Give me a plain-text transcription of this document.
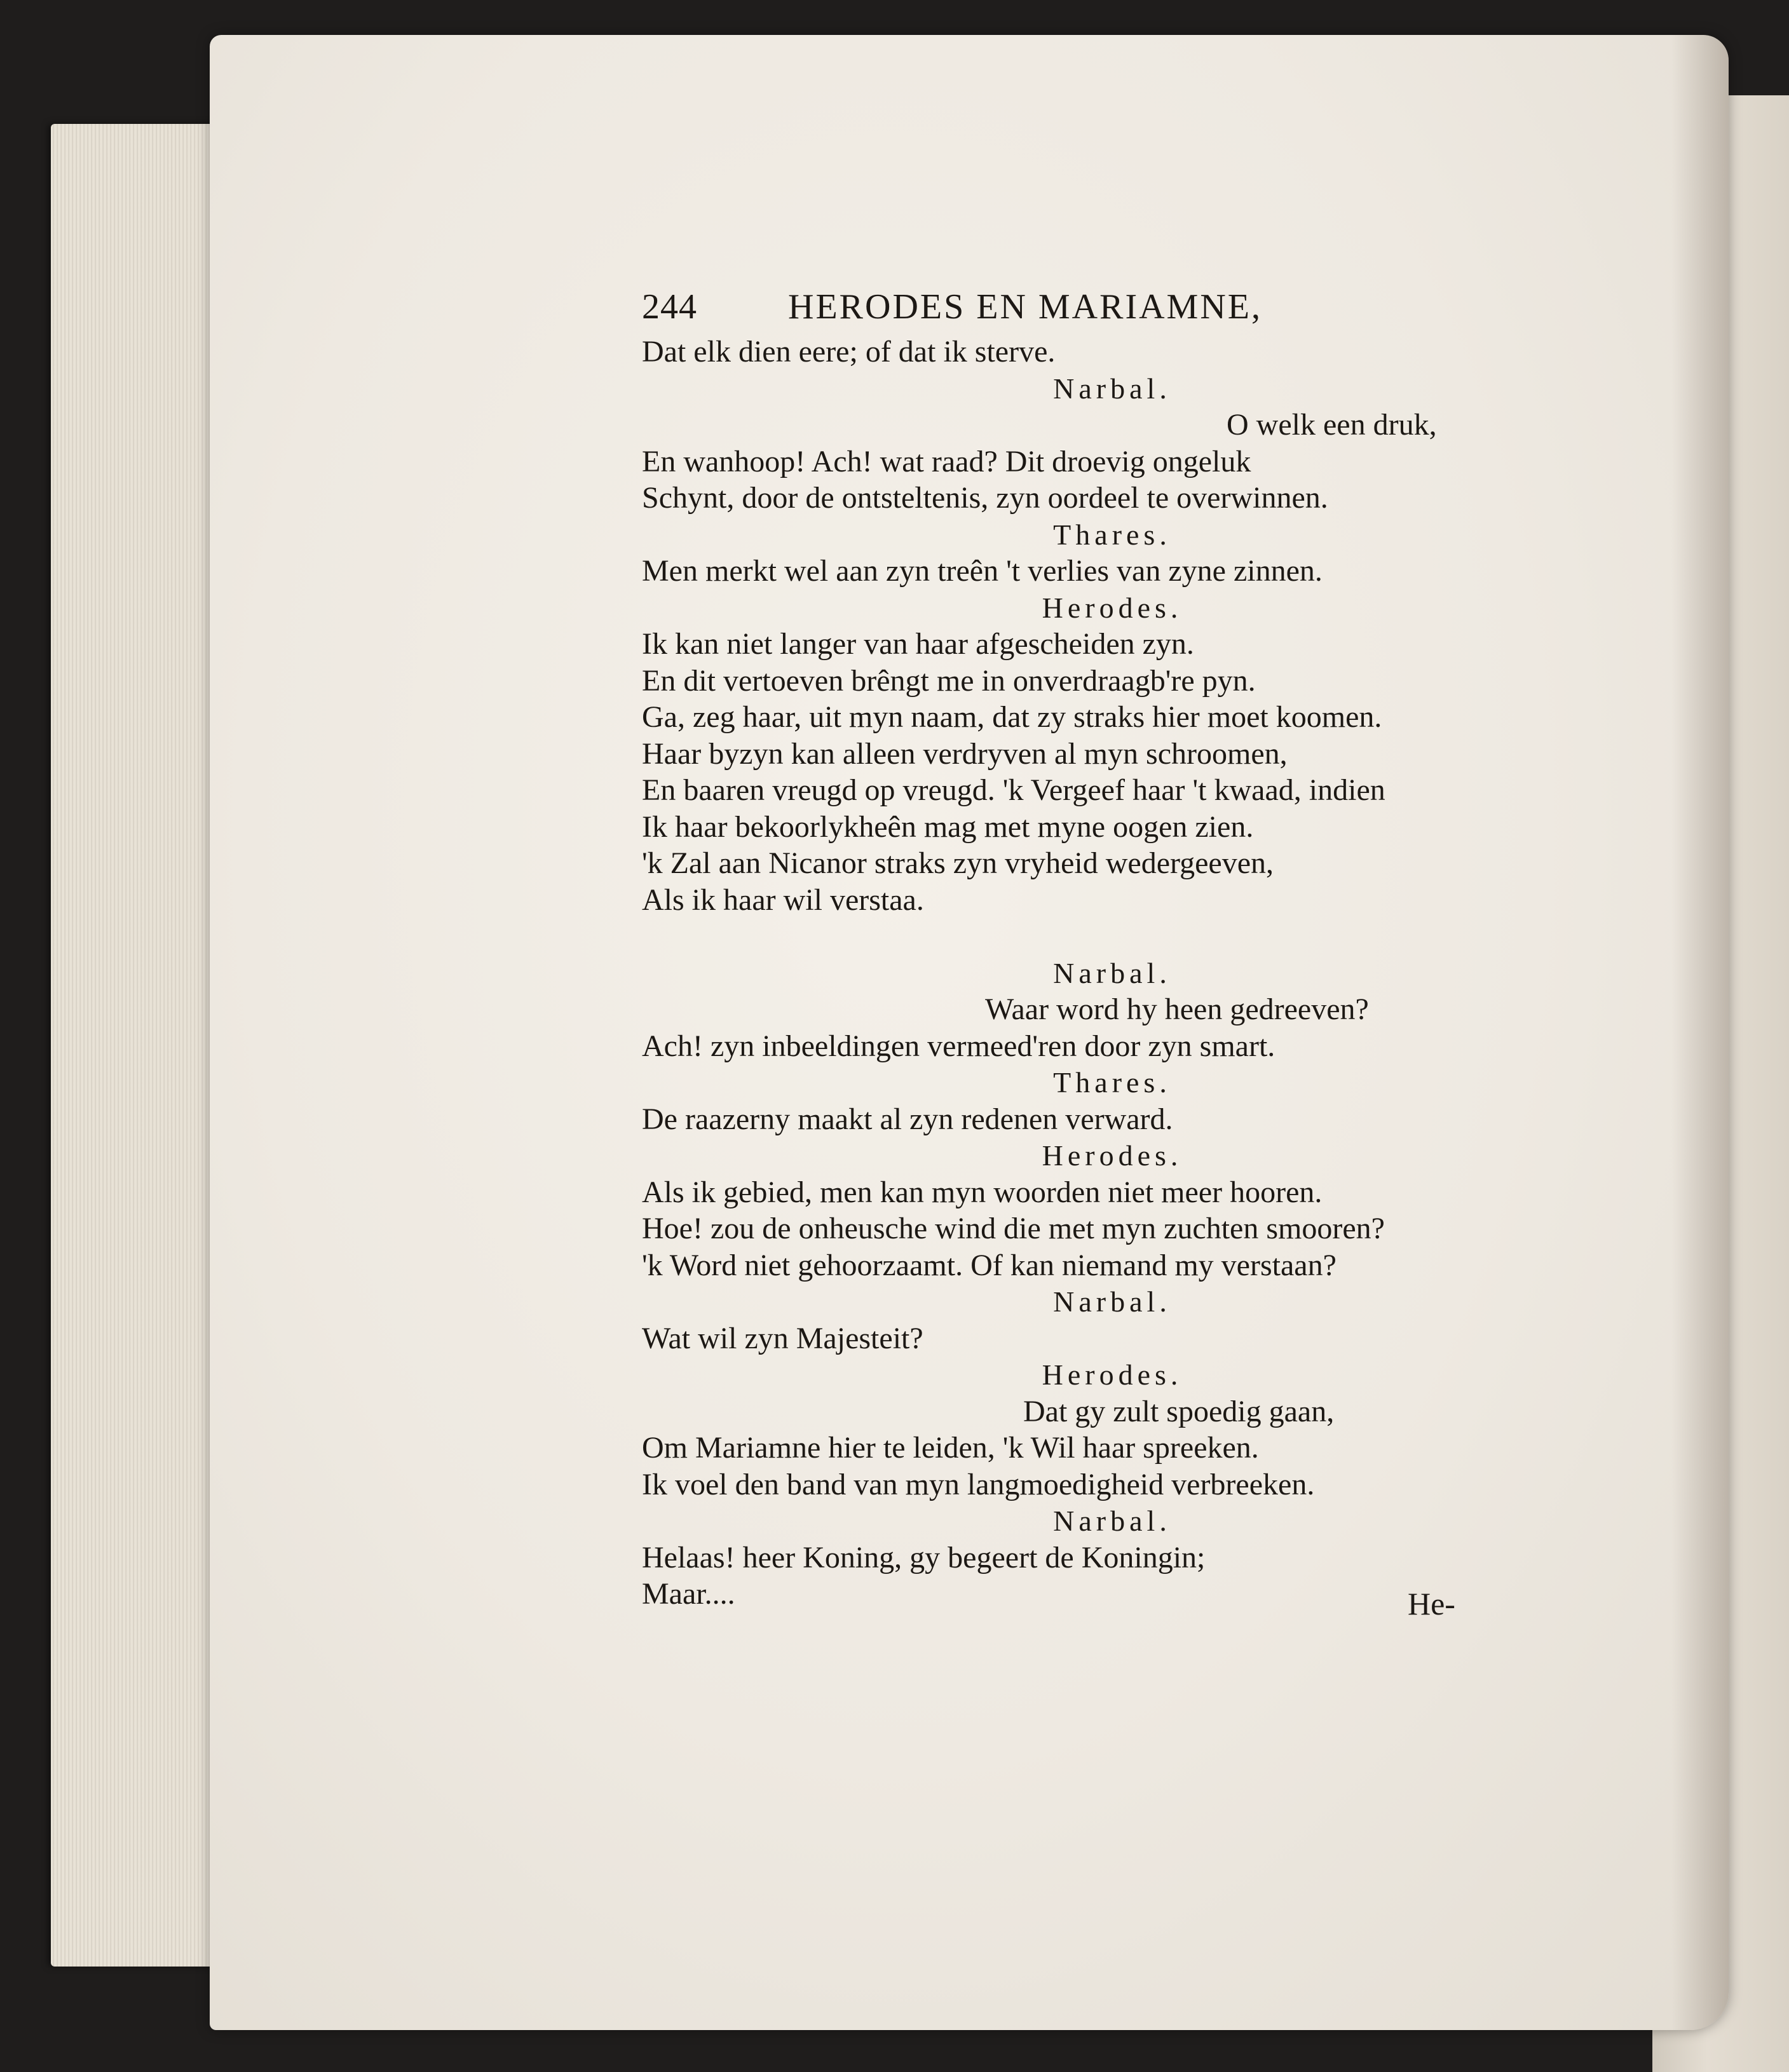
244	HERODES EN MARIAMNE,
Dat elk dien eere; of dat ik sterve.
Narbal.
O welk een druk,
En wanhoop! Ach! wat raad? Dit droevig ongeluk
Schynt, door de ontsteltenis, zyn oordeel te overwinnen.
Thares.
Men merkt wel aan zyn treên 't verlies van zyne zinnen.
Herodes.
Ik kan niet langer van haar afgescheiden zyn.
En dit vertoeven brêngt me in onverdraagb're pyn.
Ga, zeg haar, uit myn naam, dat zy straks hier moet koomen.
Haar byzyn kan alleen verdryven al myn schroomen,
En baaren vreugd op vreugd. 'k Vergeef haar 't kwaad, indien
Ik haar bekoorlykheên mag met myne oogen zien.
'k Zal aan Nicanor straks zyn vryheid wedergeeven,
Als ik haar wil verstaa.
Narbal.
Waar word hy heen gedreeven?
Ach! zyn inbeeldingen vermeed'ren door zyn smart.
Thares.
De raazerny maakt al zyn redenen verward.
Herodes.
Als ik gebied, men kan myn woorden niet meer hooren.
Hoe! zou de onheusche wind die met myn zuchten smooren?
'k Word niet gehoorzaamt. Of kan niemand my verstaan?
Narbal.
Wat wil zyn Majesteit?
Herodes.
Dat gy zult spoedig gaan,
Om Mariamne hier te leiden, 'k Wil haar spreeken.
Ik voel den band van myn langmoedigheid verbreeken.
Narbal.
Helaas! heer Koning, gy begeert de Koningin;
Maar....	He-
